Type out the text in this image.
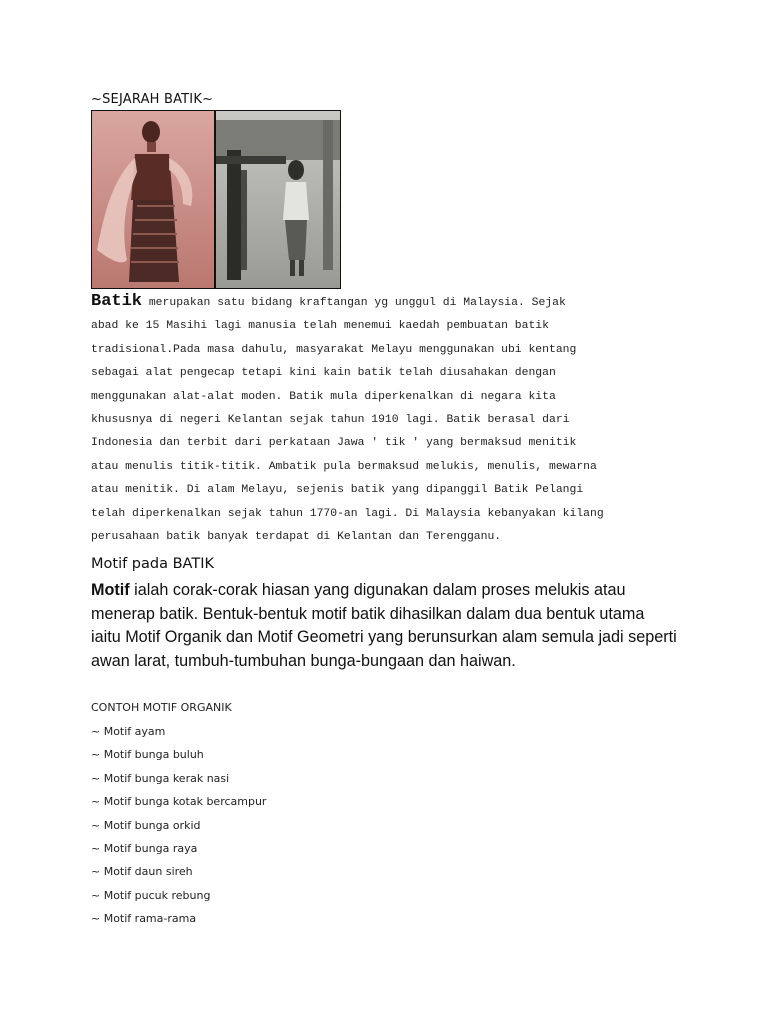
~SEJARAH BATIK~
Batik merupakan satu bidang kraftangan yg unggul di Malaysia. Sejak
abad ke 15 Masihi lagi manusia telah menemui kaedah pembuatan batik
tradisional.Pada masa dahulu, masyarakat Melayu menggunakan ubi kentang
sebagai alat pengecap tetapi kini kain batik telah diusahakan dengan
menggunakan alat-alat moden. Batik mula diperkenalkan di negara kita
khususnya di negeri Kelantan sejak tahun 1910 lagi. Batik berasal dari
Indonesia dan terbit dari perkataan Jawa ' tik ' yang bermaksud menitik
atau menulis titik-titik. Ambatik pula bermaksud melukis, menulis, mewarna
atau menitik. Di alam Melayu, sejenis batik yang dipanggil Batik Pelangi
telah diperkenalkan sejak tahun 1770-an lagi. Di Malaysia kebanyakan kilang
perusahaan batik banyak terdapat di Kelantan dan Terengganu.
Motif pada BATIK
Motif ialah corak-corak hiasan yang digunakan dalam proses melukis atau
menerap batik. Bentuk-bentuk motif batik dihasilkan dalam dua bentuk utama
iaitu Motif Organik dan Motif Geometri yang berunsurkan alam semula jadi seperti
awan larat, tumbuh-tumbuhan bunga-bungaan dan haiwan.
CONTOH MOTIF ORGANIK
~ Motif ayam
~ Motif bunga buluh
~ Motif bunga kerak nasi
~ Motif bunga kotak bercampur
~ Motif bunga orkid
~ Motif bunga raya
~ Motif daun sireh
~ Motif pucuk rebung
~ Motif rama-rama
